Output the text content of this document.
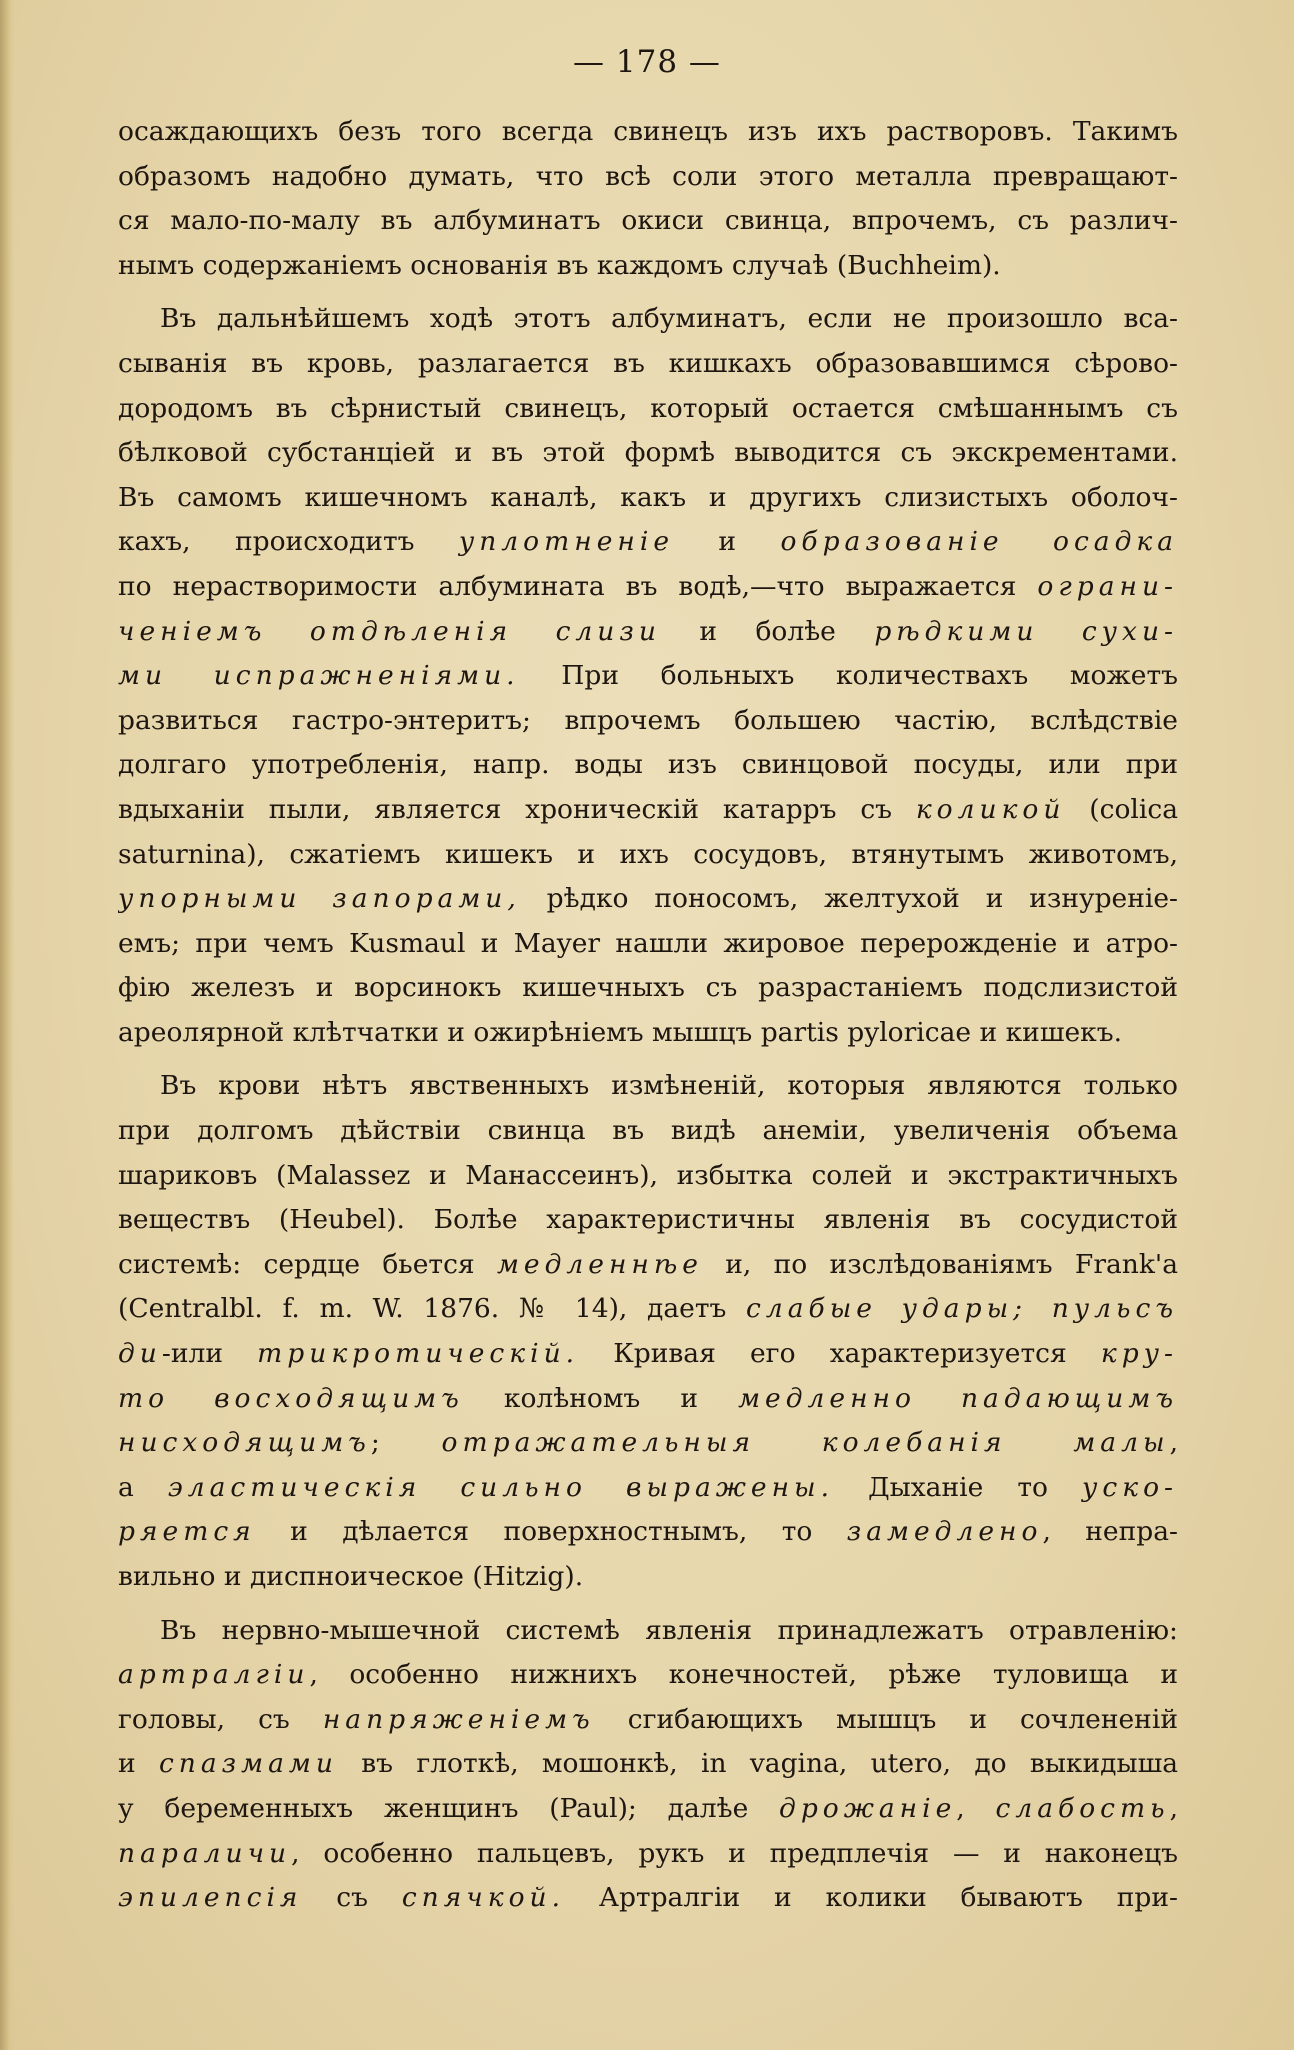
— 178 —
осаждающихъ безъ того всегда свинецъ изъ ихъ растворовъ. Такимъ
образомъ надобно думать, что всѣ соли этого металла превращают-
ся мало-по-малу въ албуминатъ окиси свинца, впрочемъ, съ различ-
нымъ содержаніемъ основанія въ каждомъ случаѣ (Buchheim).
Въ дальнѣйшемъ ходѣ этотъ албуминатъ, если не произошло вса-
сыванія въ кровь, разлагается въ кишкахъ образовавшимся сѣрово-
дородомъ въ сѣрнистый свинецъ, который остается смѣшаннымъ съ
бѣлковой субстанціей и въ этой формѣ выводится съ экскрементами.
Въ самомъ кишечномъ каналѣ, какъ и другихъ слизистыхъ оболоч-
кахъ, происходитъ уплотненіе и образованіе осадка
по нерастворимости албумината въ водѣ,—что выражается ограни-
ченіемъ отдѣленія слизи и болѣе рѣдкими сухи-
ми испражненіями. При больныхъ количествахъ можетъ
развиться гастро-энтеритъ; впрочемъ большею частію, вслѣдствіе
долгаго употребленія, напр. воды изъ свинцовой посуды, или при
вдыханіи пыли, является хроническій катарръ съ коликой (colica
saturnina), сжатіемъ кишекъ и ихъ сосудовъ, втянутымъ животомъ,
упорными запорами, рѣдко поносомъ, желтухой и изнуреніе-
емъ; при чемъ Kusmaul и Mayer нашли жировое перерожденіе и атро-
фію железъ и ворсинокъ кишечныхъ съ разрастаніемъ подслизистой
ареолярной клѣтчатки и ожирѣніемъ мышцъ partis pyloricae и кишекъ.
Въ крови нѣтъ явственныхъ измѣненій, которыя являются только
при долгомъ дѣйствіи свинца въ видѣ анеміи, увеличенія объема
шариковъ (Malassez и Манассеинъ), избытка солей и экстрактичныхъ
веществъ (Heubel). Болѣе характеристичны явленія въ сосудистой
системѣ: сердце бьется медленнѣе и, по изслѣдованіямъ Frank'a
(Centralbl. f. m. W. 1876. № 14), даетъ слабые удары; пульсъ
ди-или трикротическій. Кривая его характеризуется кру-
то восходящимъ колѣномъ и медленно падающимъ
нисходящимъ; отражательныя колебанія малы,
а эластическія сильно выражены. Дыханіе то ускo-
ряется и дѣлается поверхностнымъ, то замедлено, непра-
вильно и диспноическое (Hitzig).
Въ нервно-мышечной системѣ явленія принадлежатъ отравленію:
артралгіи, особенно нижнихъ конечностей, рѣже туловища и
головы, съ напряженіемъ сгибающихъ мышцъ и сочлененій
и спазмами въ глоткѣ, мошонкѣ, in vagina, utero, до выкидыша
у беременныхъ женщинъ (Paul); далѣе дрожаніе, слабость,
параличи, особенно пальцевъ, рукъ и предплечія — и наконецъ
эпилепсія съ спячкой. Артралгіи и колики бываютъ при-
